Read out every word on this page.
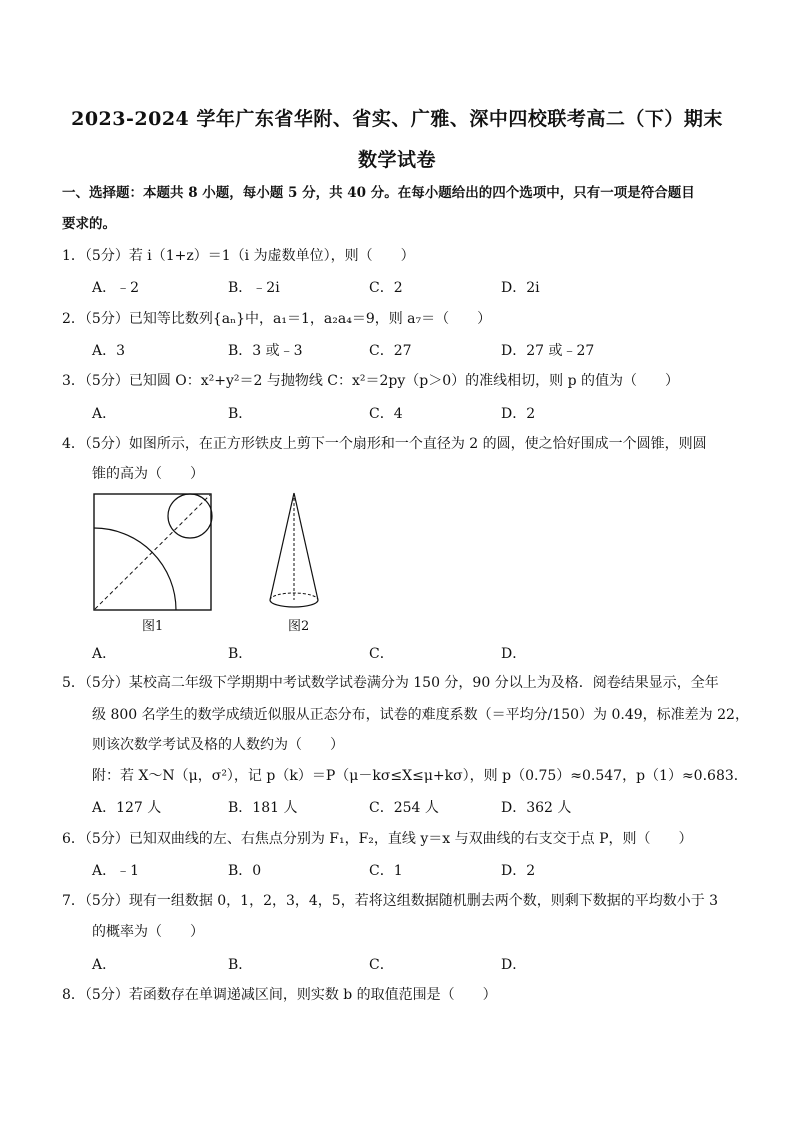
2023-2024 学年广东省华附、省实、广雅、深中四校联考高二（下）期末
数学试卷
一、选择题：本题共 8 小题，每小题 5 分，共 40 分。在每小题给出的四个选项中，只有一项是符合题目
要求的。
1．（5分）若 i（1+z）＝1（i 为虚数单位），则（　　）
A．﹣2	B．﹣2i	C．2	D．2i
2．（5分）已知等比数列{aₙ}中，a₁＝1，a₂a₄＝9，则 a₇＝（　　）
A．3	B．3 或﹣3	C．27	D．27 或﹣27
3．（5分）已知圆 O：x²+y²＝2 与抛物线 C：x²＝2py（p＞0）的准线相切，则 p 的值为（　　）
A．	B．	C．4	D．2
4．（5分）如图所示，在正方形铁皮上剪下一个扇形和一个直径为 2 的圆，使之恰好围成一个圆锥，则圆
锥的高为（　　）
图1	图2
A．	B．	C．	D．
5．（5分）某校高二年级下学期期中考试数学试卷满分为 150 分，90 分以上为及格．阅卷结果显示，全年
级 800 名学生的数学成绩近似服从正态分布，试卷的难度系数（＝平均分/150）为 0.49，标准差为 22，
则该次数学考试及格的人数约为（　　）
附：若 X～N（μ，σ²），记 p（k）＝P（μ－kσ≤X≤μ+kσ），则 p（0.75）≈0.547，p（1）≈0.683．
A．127 人	B．181 人	C．254 人	D．362 人
6．（5分）已知双曲线的左、右焦点分别为 F₁，F₂，直线 y＝x 与双曲线的右支交于点 P，则（　　）
A．﹣1	B．0	C．1	D．2
7．（5分）现有一组数据 0，1，2，3，4，5，若将这组数据随机删去两个数，则剩下数据的平均数小于 3
的概率为（　　）
A．	B．	C．	D．
8．（5分）若函数存在单调递减区间，则实数 b 的取值范围是（　　）
